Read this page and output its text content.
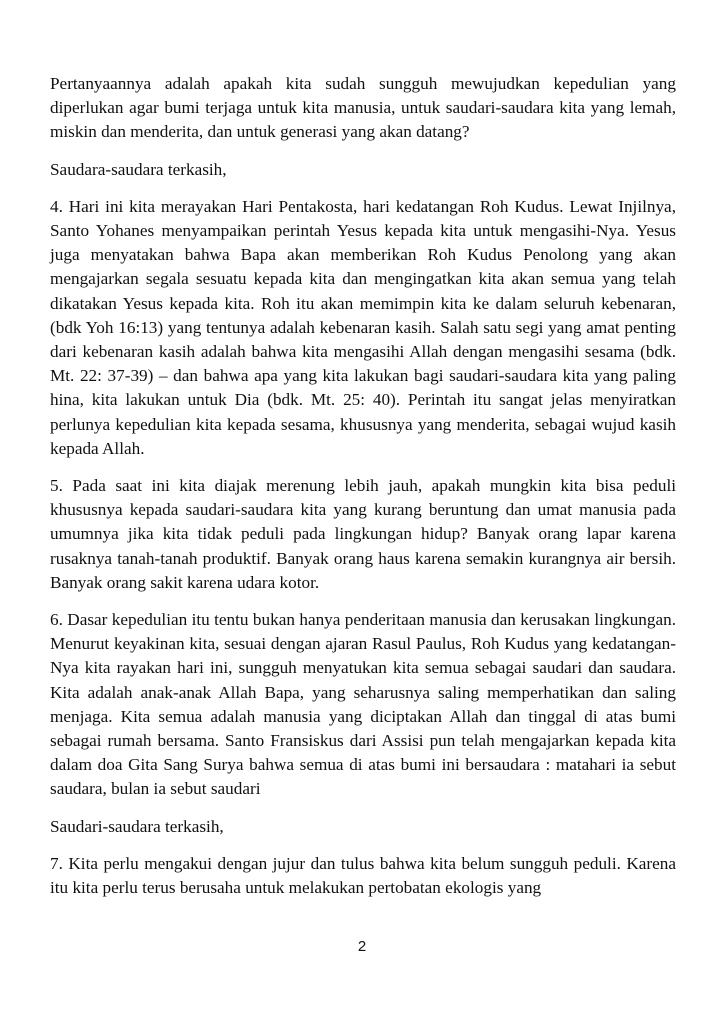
Pertanyaannya adalah apakah kita sudah sungguh mewujudkan kepedulian yang diperlukan agar bumi terjaga untuk kita manusia, untuk saudari-saudara kita yang lemah, miskin dan menderita, dan untuk generasi yang akan datang?

Saudara-saudara terkasih,

4. Hari ini kita merayakan Hari Pentakosta, hari kedatangan Roh Kudus. Lewat Injilnya, Santo Yohanes menyampaikan perintah Yesus kepada kita untuk mengasihi-Nya. Yesus juga menyatakan bahwa Bapa akan memberikan Roh Kudus Penolong yang akan mengajarkan segala sesuatu kepada kita dan mengingatkan kita akan semua yang telah dikatakan Yesus kepada kita. Roh itu akan memimpin kita ke dalam seluruh kebenaran, (bdk Yoh 16:13) yang tentunya adalah kebenaran kasih. Salah satu segi yang amat penting dari kebenaran kasih adalah bahwa kita mengasihi Allah dengan mengasihi sesama (bdk. Mt. 22: 37-39) – dan bahwa apa yang kita lakukan bagi saudari-saudara kita yang paling hina, kita lakukan untuk Dia (bdk. Mt. 25: 40). Perintah itu sangat jelas menyiratkan perlunya kepedulian kita kepada sesama, khususnya yang menderita, sebagai wujud kasih kepada Allah.

5. Pada saat ini kita diajak merenung lebih jauh, apakah mungkin kita bisa peduli khususnya kepada saudari-saudara kita yang kurang beruntung dan umat manusia pada umumnya jika kita tidak peduli pada lingkungan hidup? Banyak orang lapar karena rusaknya tanah-tanah produktif. Banyak orang haus karena semakin kurangnya air bersih. Banyak orang sakit karena udara kotor.

6. Dasar kepedulian itu tentu bukan hanya penderitaan manusia dan kerusakan lingkungan. Menurut keyakinan kita, sesuai dengan ajaran Rasul Paulus, Roh Kudus yang kedatangan-Nya kita rayakan hari ini, sungguh menyatukan kita semua sebagai saudari dan saudara. Kita adalah anak-anak Allah Bapa, yang seharusnya saling memperhatikan dan saling menjaga. Kita semua adalah manusia yang diciptakan Allah dan tinggal di atas bumi sebagai rumah bersama. Santo Fransiskus dari Assisi pun telah mengajarkan kepada kita dalam doa Gita Sang Surya bahwa semua di atas bumi ini bersaudara : matahari ia sebut saudara, bulan ia sebut saudari

Saudari-saudara terkasih,

7. Kita perlu mengakui dengan jujur dan tulus bahwa kita belum sungguh peduli. Karena itu kita perlu terus berusaha untuk melakukan pertobatan ekologis yang

2
